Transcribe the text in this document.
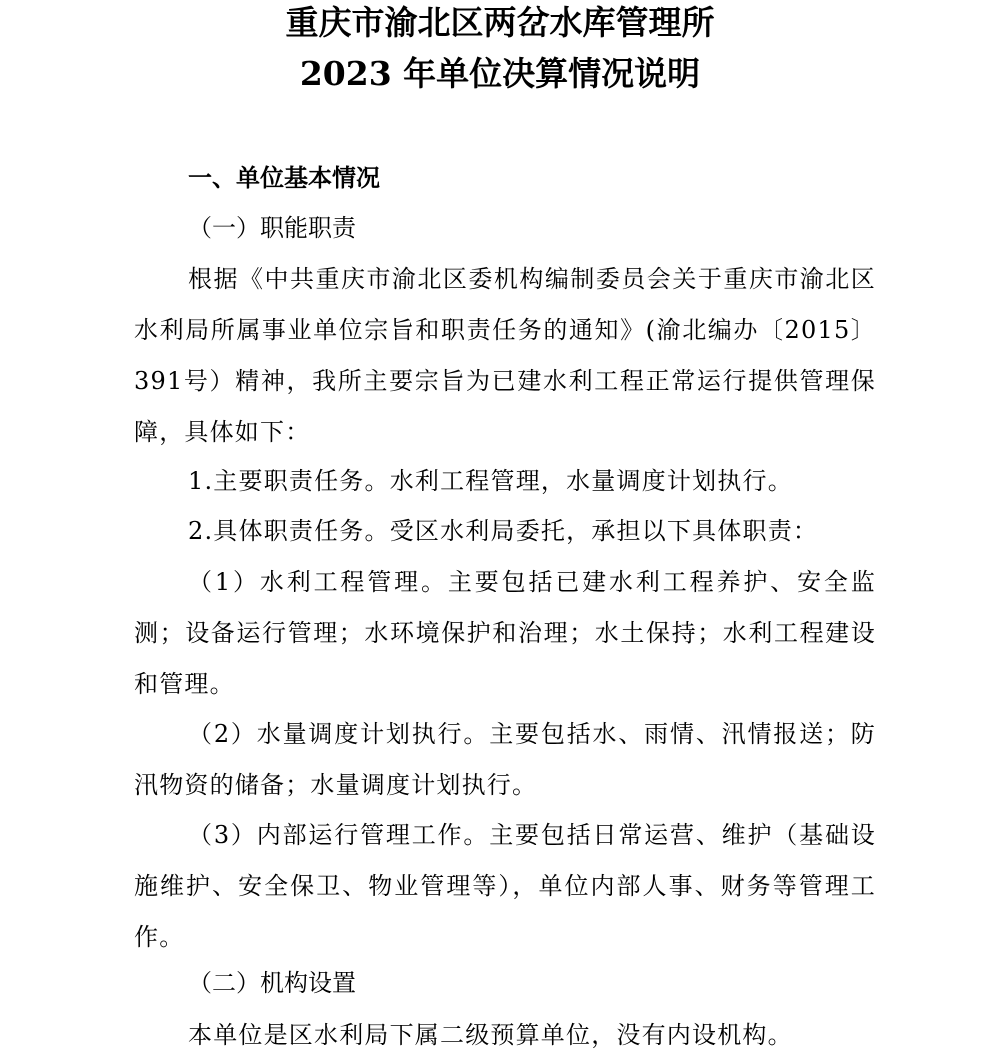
重庆市渝北区两岔水库管理所
2023 年单位决算情况说明
一、单位基本情况
（一）职能职责
根据《中共重庆市渝北区委机构编制委员会关于重庆市渝北区水利局所属事业单位宗旨和职责任务的通知》(渝北编办〔2015〕391号）精神，我所主要宗旨为已建水利工程正常运行提供管理保障，具体如下：
1.主要职责任务。水利工程管理，水量调度计划执行。
2.具体职责任务。受区水利局委托，承担以下具体职责：
（1）水利工程管理。主要包括已建水利工程养护、安全监测；设备运行管理；水环境保护和治理；水土保持；水利工程建设和管理。
（2）水量调度计划执行。主要包括水、雨情、汛情报送；防汛物资的储备；水量调度计划执行。
（3）内部运行管理工作。主要包括日常运营、维护（基础设施维护、安全保卫、物业管理等），单位内部人事、财务等管理工作。
（二）机构设置
本单位是区水利局下属二级预算单位，没有内设机构。
